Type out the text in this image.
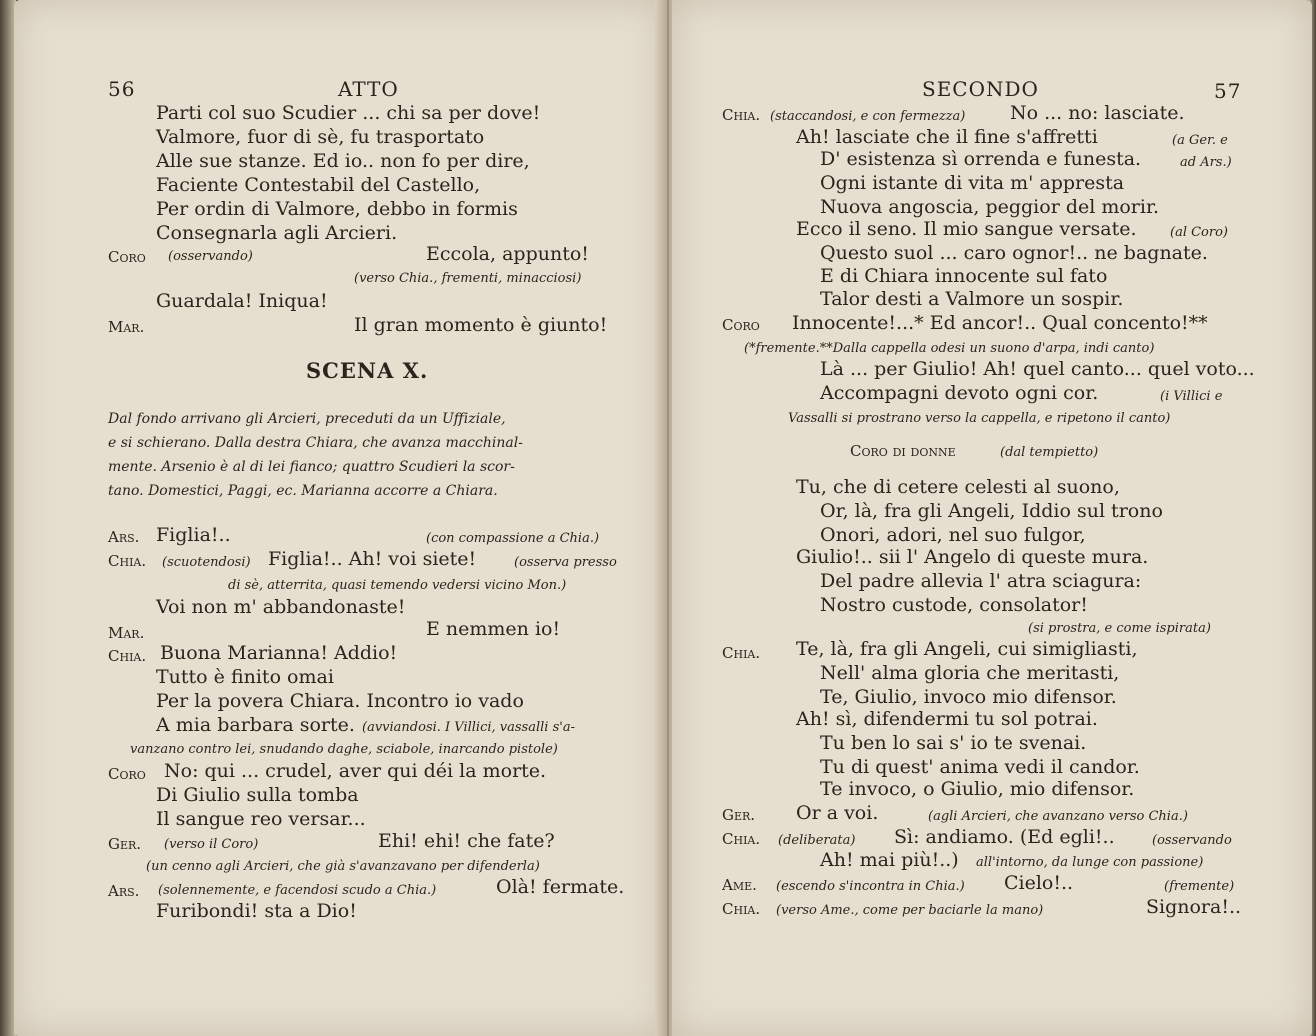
56	ATTO
Parti col suo Scudier ... chi sa per dove!
Valmore, fuor di sè, fu trasportato
Alle sue stanze. Ed io.. non fo per dire,
Faciente Contestabil del Castello,
Per ordin di Valmore, debbo in formis
Consegnarla agli Arcieri.
Coro (osservando)	Eccola, appunto!
(verso Chia., frementi, minacciosi)
Guardala! Iniqua!
Mar.	Il gran momento è giunto!
SCENA X.
Dal fondo arrivano gli Arcieri, preceduti da un Uffiziale,
e si schierano. Dalla destra Chiara, che avanza macchinal-
mente. Arsenio è al di lei fianco; quattro Scudieri la scor-
tano. Domestici, Paggi, ec. Marianna accorre a Chiara.
Ars. Figlia!..	(con compassione a Chia.)
Chia. (scuotendosi) Figlia!.. Ah! voi siete!	(osserva presso
di sè, atterrita, quasi temendo vedersi vicino Mon.)
Voi non m' abbandonaste!
Mar.	E nemmen io!
Chia. Buona Marianna! Addio!
Tutto è finito omai
Per la povera Chiara. Incontro io vado
A mia barbara sorte. (avviandosi. I Villici, vassalli s'a-
vanzano contro lei, snudando daghe, sciabole, inarcando pistole)
Coro No: qui ... crudel, aver qui déi la morte.
Di Giulio sulla tomba
Il sangue reo versar...
Ger. (verso il Coro)	Ehi! ehi! che fate?
(un cenno agli Arcieri, che già s'avanzavano per difenderla)
Ars. (solennemente, e facendosi scudo a Chia.)	Olà! fermate.
Furibondi! sta a Dio!
SECONDO	57
Chia. (staccandosi, e con fermezza) No ... no: lasciate.
Ah! lasciate che il fine s'affretti	(a Ger. e
D' esistenza sì orrenda e funesta.	ad Ars.)
Ogni istante di vita m' appresta
Nuova angoscia, peggior del morir.
Ecco il seno. Il mio sangue versate.	(al Coro)
Questo suol ... caro ognor!.. ne bagnate.
E di Chiara innocente sul fato
Talor desti a Valmore un sospir.
Coro Innocente!...* Ed ancor!.. Qual concento!**
(*fremente.**Dalla cappella odesi un suono d'arpa, indi canto)
Là ... per Giulio! Ah! quel canto... quel voto...
Accompagni devoto ogni cor.	(i Villici e
Vassalli si prostrano verso la cappella, e ripetono il canto)
Coro di donne	(dal tempietto)
Tu, che di cetere celesti al suono,
Or, là, fra gli Angeli, Iddio sul trono
Onori, adori, nel suo fulgor,
Giulio!.. sii l' Angelo di queste mura.
Del padre allevia l' atra sciagura:
Nostro custode, consolator!
(si prostra, e come ispirata)
Chia. Te, là, fra gli Angeli, cui simigliasti,
Nell' alma gloria che meritasti,
Te, Giulio, invoco mio difensor.
Ah! sì, difendermi tu sol potrai.
Tu ben lo sai s' io te svenai.
Tu di quest' anima vedi il candor.
Te invoco, o Giulio, mio difensor.
Ger. Or a voi.	(agli Arcieri, che avanzano verso Chia.)
Chia. (deliberata) Sì: andiamo. (Ed egli!..	(osservando
Ah! mai più!..) all'intorno, da lunge con passione)
Ame. (escendo s'incontra in Chia.) Cielo!..	(fremente)
Chia. (verso Ame., come per baciarle la mano)	Signora!..
